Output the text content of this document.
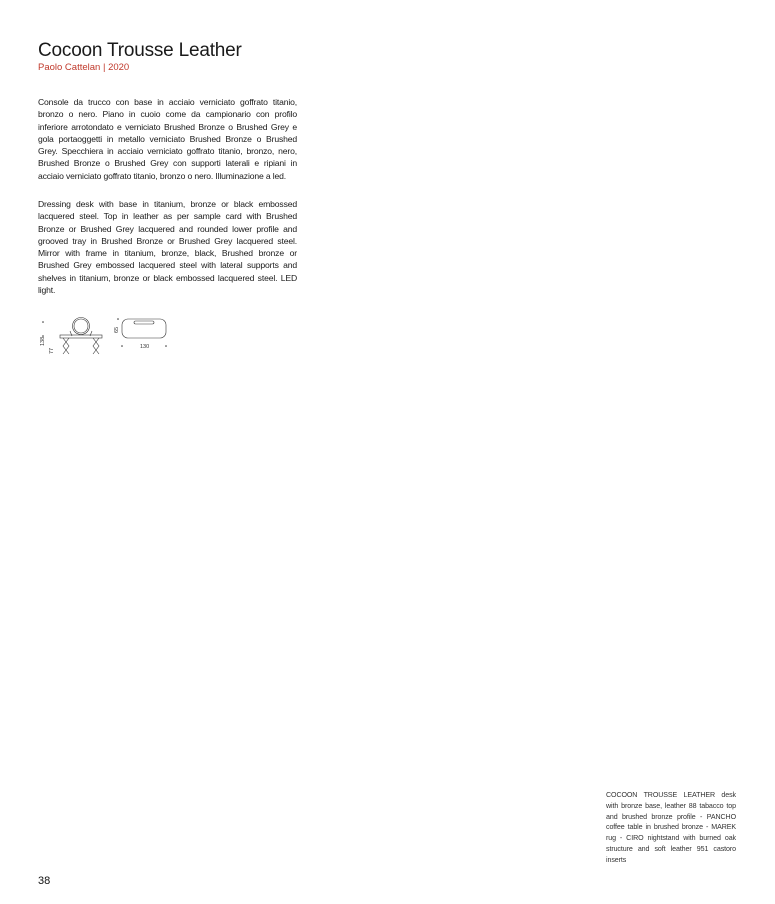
Cocoon Trousse Leather
Paolo Cattelan | 2020

Console da trucco con base in acciaio verniciato goffrato titanio, bronzo o nero. Piano in cuoio come da campionario con profilo inferiore arrotondato e verniciato Brushed Bronze o Brushed Grey e gola portaoggetti in metallo verniciato Brushed Bronze o Brushed Grey. Specchiera in acciaio verniciato goffrato titanio, bronzo, nero, Brushed Bronze o Brushed Grey con supporti laterali e ripiani in acciaio verniciato goffrato titanio, bronzo o nero. Illuminazione a led.

Dressing desk with base in titanium, bronze or black embossed lacquered steel. Top in leather as per sample card with Brushed Bronze or Brushed Grey lacquered and rounded lower profile and grooved tray in Brushed Bronze or Brushed Grey lacquered steel. Mirror with frame in titanium, bronze, black, Brushed bronze or Brushed Grey embossed lacquered steel with lateral supports and shelves in titanium, bronze or black embossed lacquered steel. LED light.

138
77
65
130

COCOON TROUSSE LEATHER desk with bronze base, leather 88 tabacco top and brushed bronze profile - PANCHO coffee table in brushed bronze - MAREK rug - CIRO nightstand with burned oak structure and soft leather 951 castoro inserts

38
